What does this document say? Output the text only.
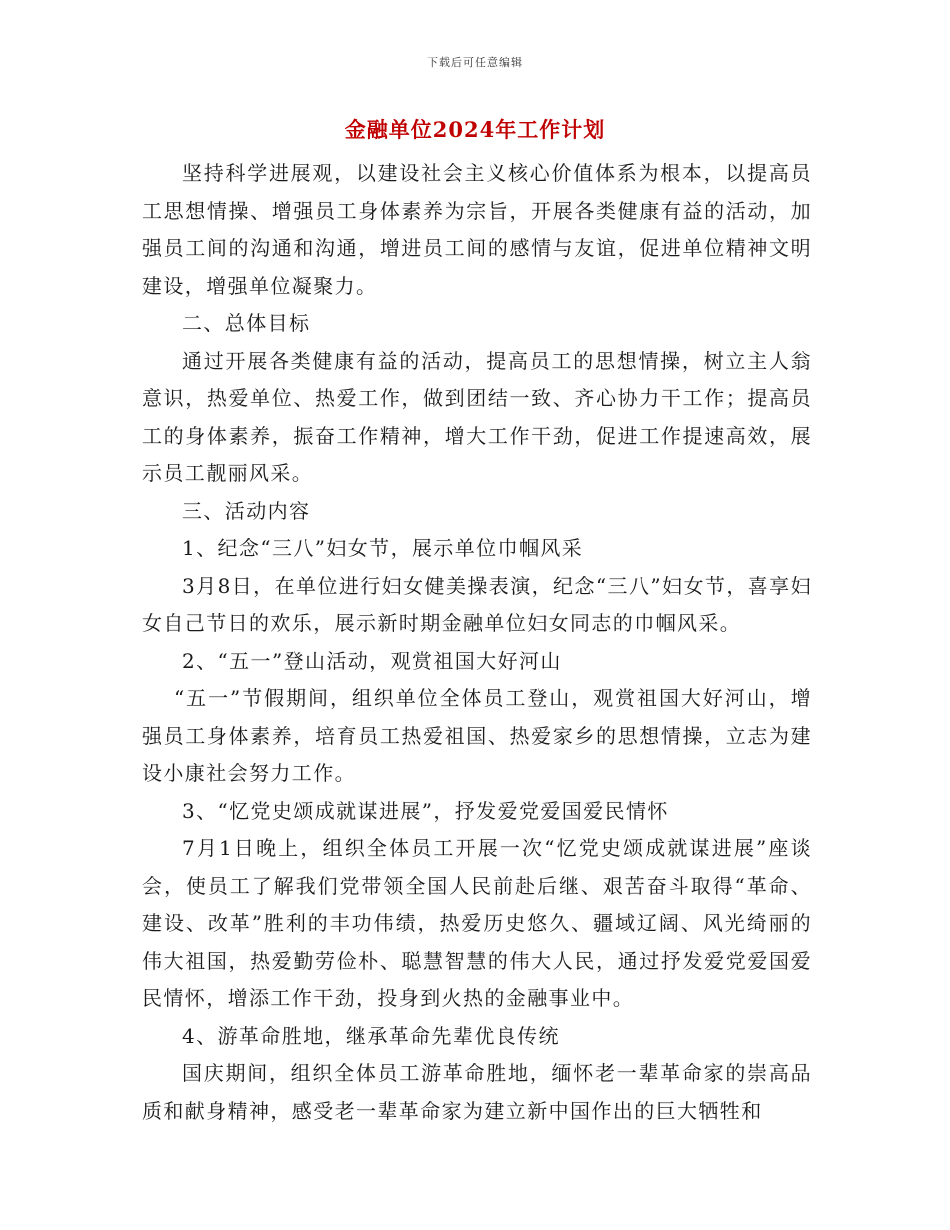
下载后可任意编辑
金融单位2024年工作计划

坚持科学进展观，以建设社会主义核心价值体系为根本，以提高员工思想情操、增强员工身体素养为宗旨，开展各类健康有益的活动，加强员工间的沟通和沟通，增进员工间的感情与友谊，促进单位精神文明建设，增强单位凝聚力。

二、总体目标

通过开展各类健康有益的活动，提高员工的思想情操，树立主人翁意识，热爱单位、热爱工作，做到团结一致、齐心协力干工作；提高员工的身体素养，振奋工作精神，增大工作干劲，促进工作提速高效，展示员工靓丽风采。

三、活动内容

1、纪念“三八”妇女节，展示单位巾帼风采

3月8日，在单位进行妇女健美操表演，纪念“三八”妇女节，喜享妇女自己节日的欢乐，展示新时期金融单位妇女同志的巾帼风采。

2、“五一”登山活动，观赏祖国大好河山

“五一”节假期间，组织单位全体员工登山，观赏祖国大好河山，增强员工身体素养，培育员工热爱祖国、热爱家乡的思想情操，立志为建设小康社会努力工作。

3、“忆党史颂成就谋进展”，抒发爱党爱国爱民情怀

7月1日晚上，组织全体员工开展一次“忆党史颂成就谋进展”座谈会，使员工了解我们党带领全国人民前赴后继、艰苦奋斗取得“革命、建设、改革”胜利的丰功伟绩，热爱历史悠久、疆域辽阔、风光绮丽的伟大祖国，热爱勤劳俭朴、聪慧智慧的伟大人民，通过抒发爱党爱国爱民情怀，增添工作干劲，投身到火热的金融事业中。

4、游革命胜地，继承革命先辈优良传统

国庆期间，组织全体员工游革命胜地，缅怀老一辈革命家的崇高品质和献身精神，感受老一辈革命家为建立新中国作出的巨大牺牲和
